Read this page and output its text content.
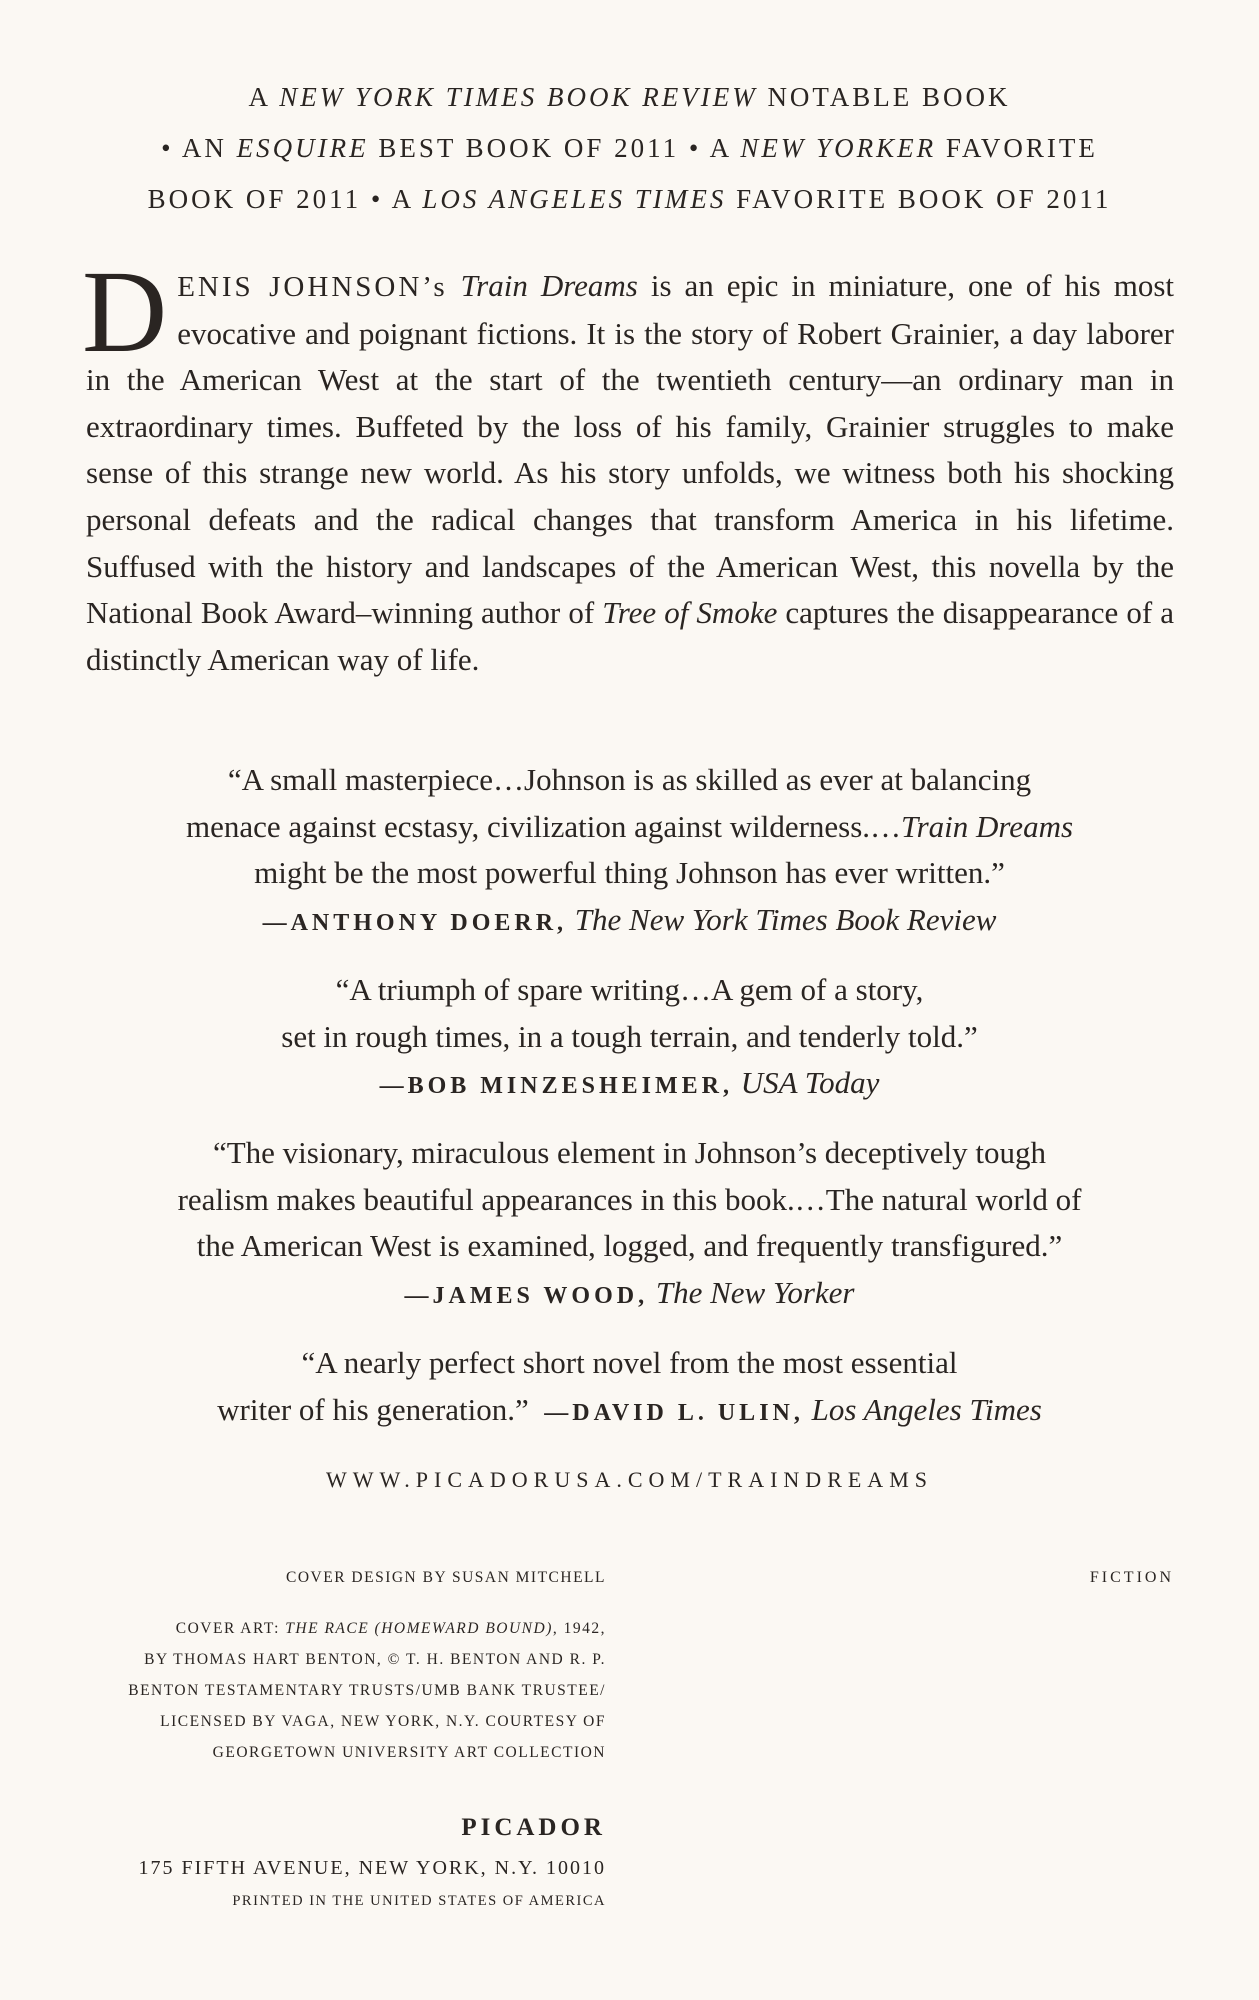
A NEW YORK TIMES BOOK REVIEW NOTABLE BOOK
• AN ESQUIRE BEST BOOK OF 2011 • A NEW YORKER FAVORITE
BOOK OF 2011 • A LOS ANGELES TIMES FAVORITE BOOK OF 2011
DENIS JOHNSON’s Train Dreams is an epic in miniature, one of his most evocative and poignant fictions. It is the story of Robert Grainier, a day laborer in the American West at the start of the twentieth century—an ordinary man in extraordinary times. Buffeted by the loss of his family, Grainier struggles to make sense of this strange new world. As his story unfolds, we witness both his shocking personal defeats and the radical changes that transform America in his lifetime. Suffused with the history and landscapes of the American West, this novella by the National Book Award–winning author of Tree of Smoke captures the disappearance of a distinctly American way of life.
“A small masterpiece…Johnson is as skilled as ever at balancing
menace against ecstasy, civilization against wilderness.…Train Dreams
might be the most powerful thing Johnson has ever written.”
—ANTHONY DOERR, The New York Times Book Review
“A triumph of spare writing…A gem of a story,
set in rough times, in a tough terrain, and tenderly told.”
—BOB MINZESHEIMER, USA Today
“The visionary, miraculous element in Johnson’s deceptively tough
realism makes beautiful appearances in this book.…The natural world of
the American West is examined, logged, and frequently transfigured.”
—JAMES WOOD, The New Yorker
“A nearly perfect short novel from the most essential
writer of his generation.” —DAVID L. ULIN, Los Angeles Times
WWW.PICADORUSA.COM/TRAINDREAMS
COVER DESIGN BY SUSAN MITCHELL
COVER ART: THE RACE (HOMEWARD BOUND), 1942,
BY THOMAS HART BENTON, © T. H. BENTON AND R. P.
BENTON TESTAMENTARY TRUSTS/UMB BANK TRUSTEE/
LICENSED BY VAGA, NEW YORK, N.Y. COURTESY OF
GEORGETOWN UNIVERSITY ART COLLECTION
FICTION
PICADOR
175 FIFTH AVENUE, NEW YORK, N.Y. 10010
PRINTED IN THE UNITED STATES OF AMERICA
